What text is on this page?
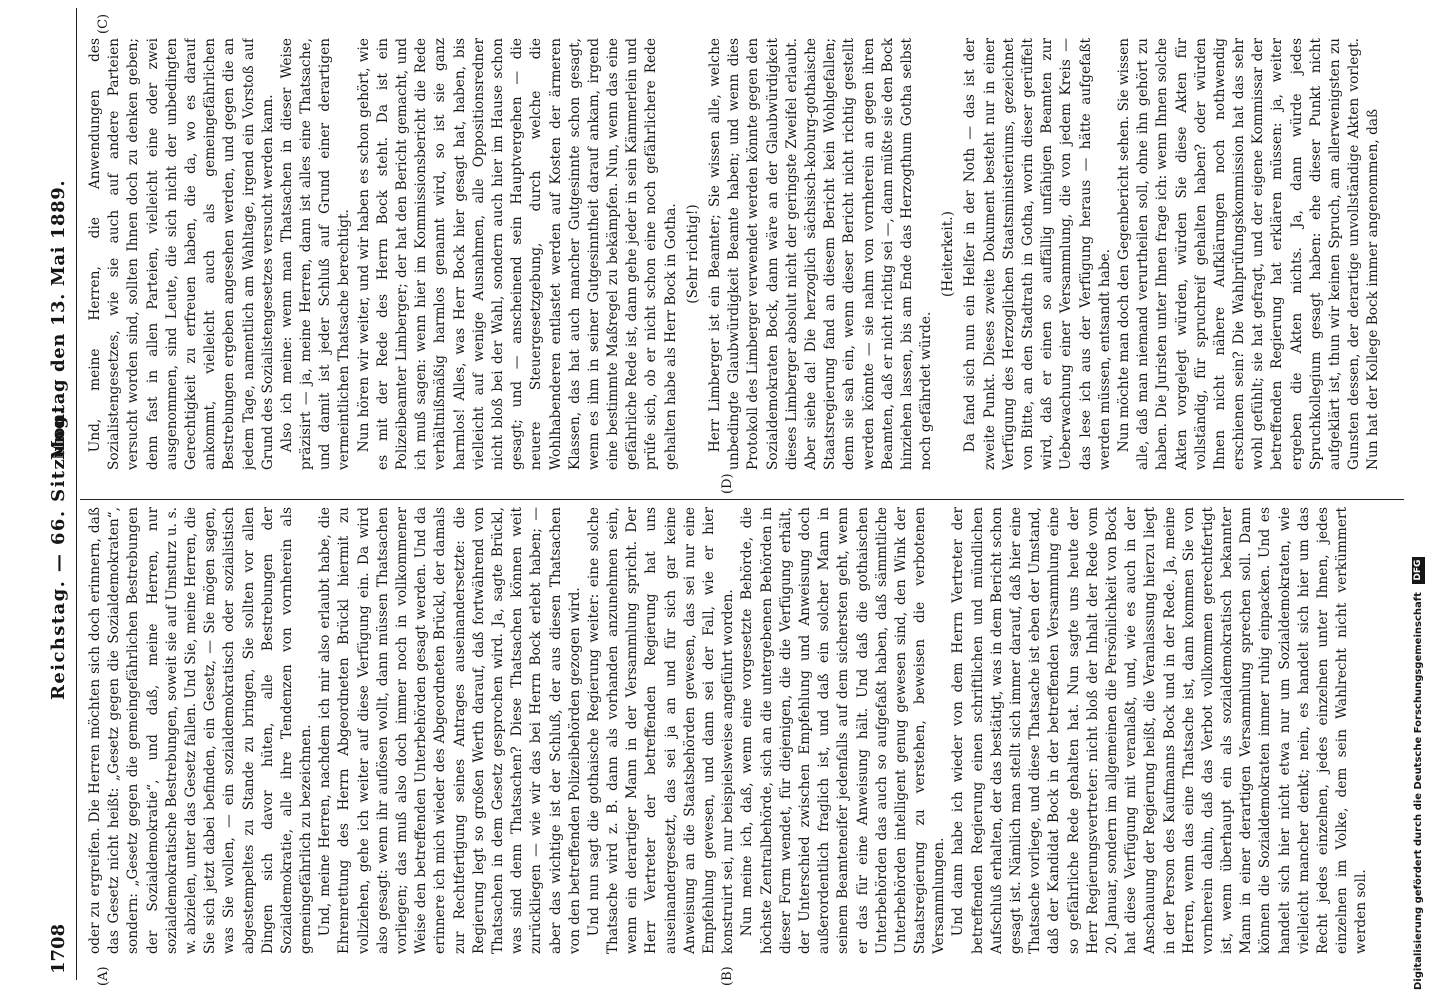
1708
Reichstag. — 66. Sitzung.
Montag den 13. Mai 1889.
(A)	(B)
(C)
(D)

oder zu ergreifen. Die Herren möchten sich doch erinnern, daß das Gesetz nicht heißt: „Gesetz gegen die Sozialdemokraten“, sondern: „Gesetz gegen die gemeingefährlichen Bestrebungen der Sozialdemokratie“, und daß, meine Herren, nur sozialdemokratische Bestrebungen, soweit sie auf Umsturz u. s. w. abzielen, unter das Gesetz fallen. Und Sie, meine Herren, die Sie sich jetzt dabei befinden, ein Gesetz, — Sie mögen sagen, was Sie wollen, — ein sozialdemokratisch oder sozialistisch abgestempeltes zu Stande zu bringen, Sie sollten vor allen Dingen sich davor hüten, alle Bestrebungen der Sozialdemokratie, alle ihre Tendenzen von vornherein als gemeingefährlich zu bezeichnen. Und, meine Herren, nachdem ich mir also erlaubt habe, die Ehrenrettung des Herrn Abgeordneten Brückl hiermit zu vollziehen, gehe ich weiter auf diese Verfügung ein. Da wird also gesagt: wenn ihr auflösen wollt, dann müssen Thatsachen vorliegen; das muß also doch immer noch in vollkommener Weise den betreffenden Unterbehörden gesagt werden. Und da erinnere ich mich wieder des Abgeordneten Brückl, der damals zur Rechtfertigung seines Antrages auseinandersetzte: die Regierung legt so großen Werth darauf, daß fortwährend von Thatsachen in dem Gesetz gesprochen wird. Ja, sagte Brückl, was sind denn Thatsachen? Diese Thatsachen können weit zurückliegen — wie wir das bei Herrn Bock erlebt haben; — aber das wichtige ist der Schluß, der aus diesen Thatsachen von den betreffenden Polizeibehörden gezogen wird. Und nun sagt die gothaische Regierung weiter: eine solche Thatsache wird z. B. dann als vorhanden anzunehmen sein, wenn ein derartiger Mann in der Versammlung spricht. Der Herr Vertreter der betreffenden Regierung hat uns auseinandergesetzt, das sei ja an und für sich gar keine Anweisung an die Staatsbehörden gewesen, das sei nur eine Empfehlung gewesen, und dann sei der Fall, wie er hier konstruirt sei, nur beispielsweise angeführt worden. Nun meine ich, daß, wenn eine vorgesetzte Behörde, die höchste Zentralbehörde, sich an die untergebenen Behörden in dieser Form wendet, für diejenigen, die die Verfügung erhält, der Unterschied zwischen Empfehlung und Anweisung doch außerordentlich fraglich ist, und daß ein solcher Mann in seinem Beamteneifer jedenfalls auf dem sichersten geht, wenn er das für eine Anweisung hält. Und daß die gothaischen Unterbehörden das auch so aufgefaßt haben, daß sämmtliche Unterbehörden intelligent genug gewesen sind, den Wink der Staatsregierung zu verstehen, beweisen die verbotenen Versammlungen. Und dann habe ich wieder von dem Herrn Vertreter der betreffenden Regierung einen schriftlichen und mündlichen Aufschluß erhalten, der das bestätigt, was in dem Bericht schon gesagt ist. Nämlich man stellt sich immer darauf, daß hier eine Thatsache vorliege, und diese Thatsache ist eben der Umstand, daß der Kandidat Bock in der betreffenden Versammlung eine so gefährliche Rede gehalten hat. Nun sagte uns heute der Herr Regierungsvertreter: nicht bloß der Inhalt der Rede vom 20. Januar, sondern im allgemeinen die Persönlichkeit von Bock hat diese Verfügung mit veranlaßt, und, wie es auch in der Anschauung der Regierung heißt, die Veranlassung hierzu liegt in der Person des Kaufmanns Bock und in der Rede. Ja, meine Herren, wenn das eine Thatsache ist, dann kommen Sie von vornherein dahin, daß das Verbot vollkommen gerechtfertigt ist, wenn überhaupt ein als sozialdemokratisch bekannter Mann in einer derartigen Versammlung sprechen soll. Dann können die Sozialdemokraten immer ruhig einpacken. Und es handelt sich hier nicht etwa nur um Sozialdemokraten, wie vielleicht mancher denkt; nein, es handelt sich hier um das Recht jedes einzelnen, jedes einzelnen unter Ihnen, jedes einzelnen im Volke, dem sein Wahlrecht nicht verkümmert werden soll.

Und, meine Herren, die Anwendungen des Sozialistengesetzes, wie sie auch auf andere Parteien versucht worden sind, sollten Ihnen doch zu denken geben; denn fast in allen Parteien, vielleicht eine oder zwei ausgenommen, sind Leute, die sich nicht der unbedingten Gerechtigkeit zu erfreuen haben, die da, wo es darauf ankommt, vielleicht auch als gemeingefährlichen Bestrebungen ergeben angesehen werden, und gegen die an jedem Tage, namentlich am Wahltage, irgend ein Vorstoß auf Grund des Sozialistengesetzes versucht werden kann. Also ich meine: wenn man Thatsachen in dieser Weise präzisirt — ja, meine Herren, dann ist alles eine Thatsache, und damit ist jeder Schluß auf Grund einer derartigen vermeintlichen Thatsache berechtigt. Nun hören wir weiter, und wir haben es schon gehört, wie es mit der Rede des Herrn Bock steht. Da ist ein Polizeibeamter Limberger; der hat den Bericht gemacht, und ich muß sagen: wenn hier im Kommissionsbericht die Rede verhältnißmäßig harmlos genannt wird, so ist sie ganz harmlos! Alles, was Herr Bock hier gesagt hat, haben, bis vielleicht auf wenige Ausnahmen, alle Oppositionsredner nicht bloß bei der Wahl, sondern auch hier im Hause schon gesagt; und — anscheinend sein Hauptvergehen — die neuere Steuergesetzgebung, durch welche die Wohlhabenderen entlastet werden auf Kosten der ärmeren Klassen, das hat auch mancher Gutgesinnte schon gesagt, wenn es ihm in seiner Gutgesinntheit darauf ankam, irgend eine bestimmte Maßregel zu bekämpfen. Nun, wenn das eine gefährliche Rede ist, dann gehe jeder in sein Kämmerlein und prüfe sich, ob er nicht schon eine noch gefährlichere Rede gehalten habe als Herr Bock in Gotha. (Sehr richtig!) Herr Limberger ist ein Beamter; Sie wissen alle, welche unbedingte Glaubwürdigkeit Beamte haben; und wenn dies Protokoll des Limberger verwendet werden könnte gegen den Sozialdemokraten Bock, dann wäre an der Glaubwürdigkeit dieses Limberger absolut nicht der geringste Zweifel erlaubt. Aber siehe da! Die herzoglich sächsisch-koburg-gothaische Staatsregierung fand an diesem Bericht kein Wohlgefallen; denn sie sah ein, wenn dieser Bericht nicht richtig gestellt werden könnte — sie nahm von vornherein an gegen ihren Beamten, daß er nicht richtig sei —, dann müßte sie den Bock hinziehen lassen, bis am Ende das Herzogthum Gotha selbst noch gefährdet würde.

(Heiterkeit.) Da fand sich nun ein Helfer in der Noth — das ist der zweite Punkt. Dieses zweite Dokument besteht nur in einer Verfügung des Herzoglichen Staatsministeriums, gezeichnet von Bitte, an den Stadtrath in Gotha, worin dieser gerüffelt wird, daß er einen so auffällig unfähigen Beamten zur Ueberwachung einer Versammlung, die von jedem Kreis — das lese ich aus der Verfügung heraus — hätte aufgefaßt werden müssen, entsandt habe. Nun möchte man doch den Gegenbericht sehen. Sie wissen alle, daß man niemand verurtheilen soll, ohne ihn gehört zu haben. Die Juristen unter Ihnen frage ich: wenn Ihnen solche Akten vorgelegt würden, würden Sie diese Akten für vollständig, für spruchreif gehalten haben? oder würden Ihnen nicht nähere Aufklärungen noch nothwendig erschienen sein? Die Wahlprüfungskommission hat das sehr wohl gefühlt; sie hat gefragt, und der eigene Kommissar der betreffenden Regierung hat erklären müssen: ja, weiter ergeben die Akten nichts. Ja, dann würde jedes Spruchkollegium gesagt haben: ehe dieser Punkt nicht aufgeklärt ist, thun wir keinen Spruch, am allerwenigsten zu Gunsten dessen, der derartige unvollständige Akten vorlegt. Nun hat der Kollege Bock immer angenommen, daß

Digitalisierung gefördert durch die Deutsche Forschungsgemeinschaft DFG
